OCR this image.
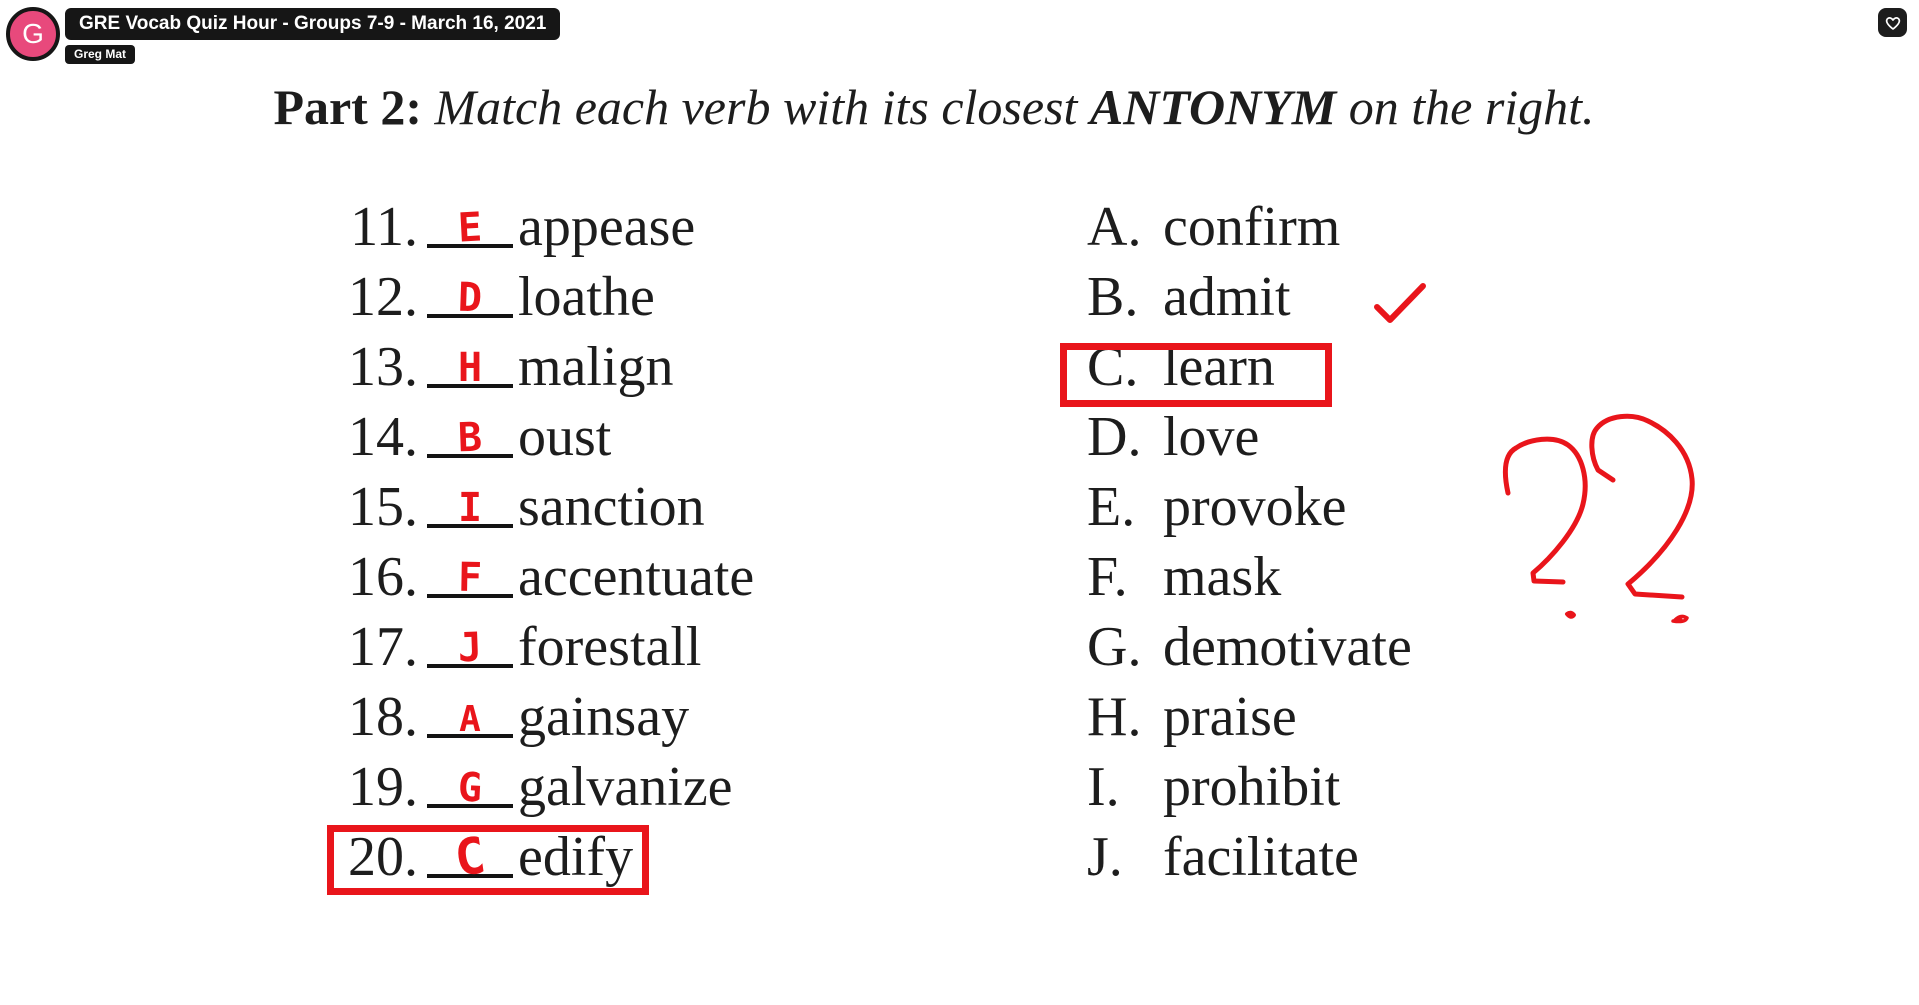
G	GRE Vocab Quiz Hour - Groups 7-9 - March 16, 2021
Greg Mat
Part 2: Match each verb with its closest ANTONYM on the right.
11. E appease
12. D loathe
13. H malign
14. B oust
15. I sanction
16. F accentuate
17. J forestall
18. A gainsay
19. G galvanize
20. C edify
A. confirm
B. admit
C. learn
D. love
E. provoke
F. mask
G. demotivate
H. praise
I. prohibit
J. facilitate
